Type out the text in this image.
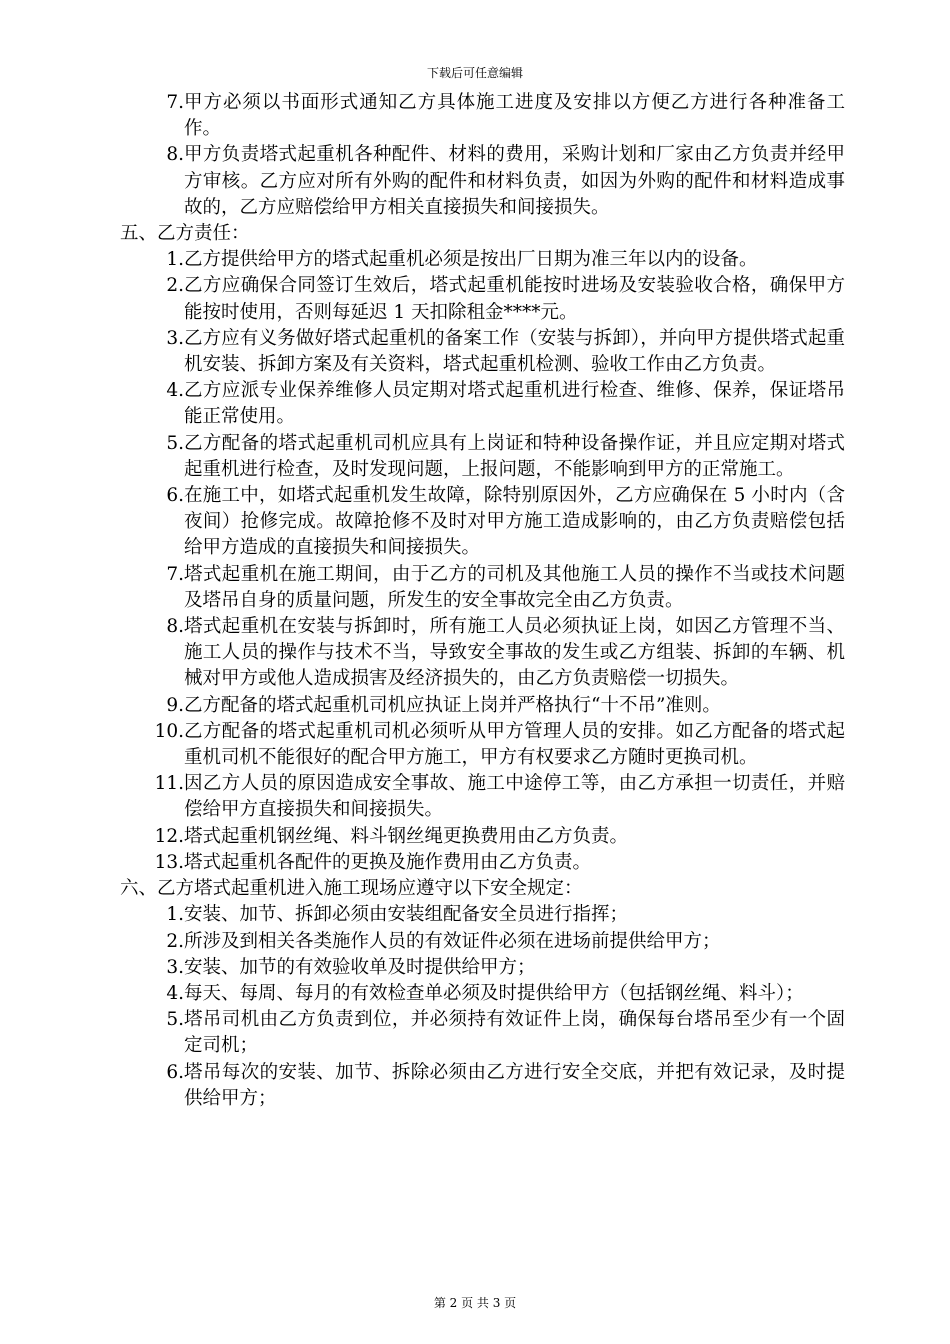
下载后可任意编辑
7. 甲方必须以书面形式通知乙方具体施工进度及安排以方便乙方进行各种准备工作。
8. 甲方负责塔式起重机各种配件、材料的费用，采购计划和厂家由乙方负责并经甲方审核。乙方应对所有外购的配件和材料负责，如因为外购的配件和材料造成事故的，乙方应赔偿给甲方相关直接损失和间接损失。
五、乙方责任：
1. 乙方提供给甲方的塔式起重机必须是按出厂日期为准三年以内的设备。
2. 乙方应确保合同签订生效后，塔式起重机能按时进场及安装验收合格，确保甲方能按时使用，否则每延迟 1 天扣除租金****元。
3. 乙方应有义务做好塔式起重机的备案工作（安装与拆卸），并向甲方提供塔式起重机安装、拆卸方案及有关资料，塔式起重机检测、验收工作由乙方负责。
4. 乙方应派专业保养维修人员定期对塔式起重机进行检查、维修、保养，保证塔吊能正常使用。
5. 乙方配备的塔式起重机司机应具有上岗证和特种设备操作证，并且应定期对塔式起重机进行检查，及时发现问题，上报问题，不能影响到甲方的正常施工。
6. 在施工中，如塔式起重机发生故障，除特别原因外，乙方应确保在 5 小时内（含夜间）抢修完成。故障抢修不及时对甲方施工造成影响的，由乙方负责赔偿包括给甲方造成的直接损失和间接损失。
7. 塔式起重机在施工期间，由于乙方的司机及其他施工人员的操作不当或技术问题及塔吊自身的质量问题，所发生的安全事故完全由乙方负责。
8. 塔式起重机在安装与拆卸时，所有施工人员必须执证上岗，如因乙方管理不当、施工人员的操作与技术不当，导致安全事故的发生或乙方组装、拆卸的车辆、机械对甲方或他人造成损害及经济损失的，由乙方负责赔偿一切损失。
9. 乙方配备的塔式起重机司机应执证上岗并严格执行“十不吊”准则。
10. 乙方配备的塔式起重机司机必须听从甲方管理人员的安排。如乙方配备的塔式起重机司机不能很好的配合甲方施工，甲方有权要求乙方随时更换司机。
11. 因乙方人员的原因造成安全事故、施工中途停工等，由乙方承担一切责任，并赔偿给甲方直接损失和间接损失。
12. 塔式起重机钢丝绳、料斗钢丝绳更换费用由乙方负责。
13. 塔式起重机各配件的更换及施作费用由乙方负责。
六、乙方塔式起重机进入施工现场应遵守以下安全规定：
1. 安装、加节、拆卸必须由安装组配备安全员进行指挥；
2. 所涉及到相关各类施作人员的有效证件必须在进场前提供给甲方；
3. 安装、加节的有效验收单及时提供给甲方；
4. 每天、每周、每月的有效检查单必须及时提供给甲方（包括钢丝绳、料斗）；
5. 塔吊司机由乙方负责到位，并必须持有效证件上岗，确保每台塔吊至少有一个固定司机；
6. 塔吊每次的安装、加节、拆除必须由乙方进行安全交底，并把有效记录，及时提供给甲方；
第 2 页 共 3 页
